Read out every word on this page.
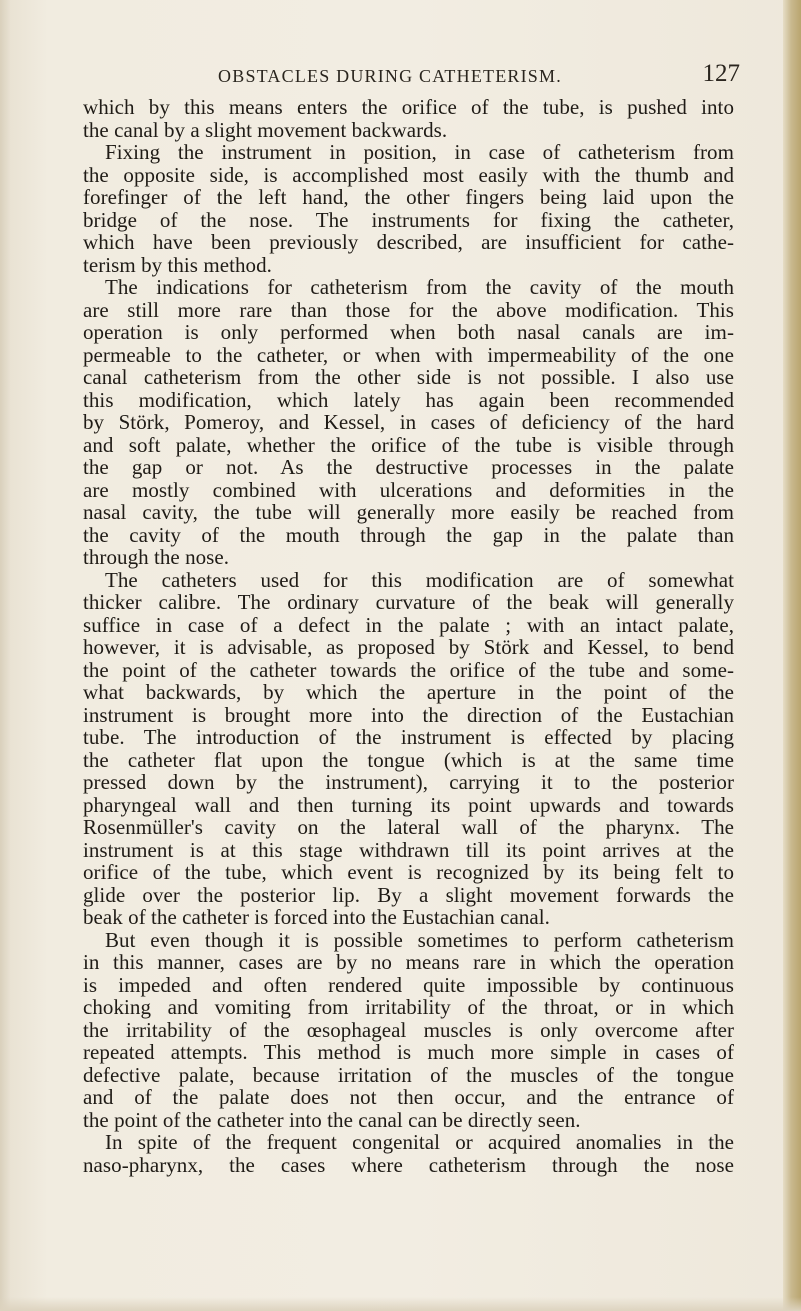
OBSTACLES DURING CATHETERISM.	127
which by this means enters the orifice of the tube, is pushed into
the canal by a slight movement backwards.
Fixing the instrument in position, in case of catheterism from
the opposite side, is accomplished most easily with the thumb and
forefinger of the left hand, the other fingers being laid upon the
bridge of the nose. The instruments for fixing the catheter,
which have been previously described, are insufficient for cathe-
terism by this method.
The indications for catheterism from the cavity of the mouth
are still more rare than those for the above modification. This
operation is only performed when both nasal canals are im-
permeable to the catheter, or when with impermeability of the one
canal catheterism from the other side is not possible. I also use
this modification, which lately has again been recommended
by Störk, Pomeroy, and Kessel, in cases of deficiency of the hard
and soft palate, whether the orifice of the tube is visible through
the gap or not. As the destructive processes in the palate
are mostly combined with ulcerations and deformities in the
nasal cavity, the tube will generally more easily be reached from
the cavity of the mouth through the gap in the palate than
through the nose.
The catheters used for this modification are of somewhat
thicker calibre. The ordinary curvature of the beak will generally
suffice in case of a defect in the palate ; with an intact palate,
however, it is advisable, as proposed by Störk and Kessel, to bend
the point of the catheter towards the orifice of the tube and some-
what backwards, by which the aperture in the point of the
instrument is brought more into the direction of the Eustachian
tube. The introduction of the instrument is effected by placing
the catheter flat upon the tongue (which is at the same time
pressed down by the instrument), carrying it to the posterior
pharyngeal wall and then turning its point upwards and towards
Rosenmüller's cavity on the lateral wall of the pharynx. The
instrument is at this stage withdrawn till its point arrives at the
orifice of the tube, which event is recognized by its being felt to
glide over the posterior lip. By a slight movement forwards the
beak of the catheter is forced into the Eustachian canal.
But even though it is possible sometimes to perform catheterism
in this manner, cases are by no means rare in which the operation
is impeded and often rendered quite impossible by continuous
choking and vomiting from irritability of the throat, or in which
the irritability of the œsophageal muscles is only overcome after
repeated attempts. This method is much more simple in cases of
defective palate, because irritation of the muscles of the tongue
and of the palate does not then occur, and the entrance of
the point of the catheter into the canal can be directly seen.
In spite of the frequent congenital or acquired anomalies in the
naso-pharynx, the cases where catheterism through the nose
